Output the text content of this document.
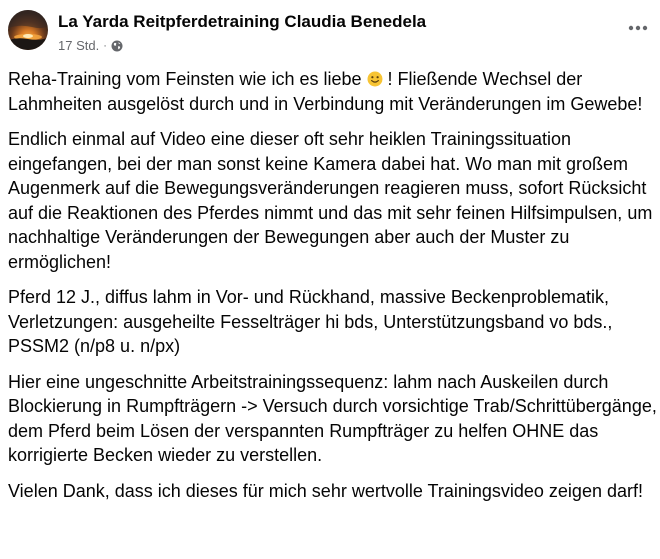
La Yarda Reitpferdetraining Claudia Benedela
17 Std. ·

Reha-Training vom Feinsten wie ich es liebe  ! Fließende Wechsel der Lahmheiten ausgelöst durch und in Verbindung mit Veränderungen im Gewebe!

Endlich einmal auf Video eine dieser oft sehr heiklen Trainingssituation eingefangen, bei der man sonst keine Kamera dabei hat. Wo man mit großem Augenmerk auf die Bewegungsveränderungen reagieren muss, sofort Rücksicht auf die Reaktionen des Pferdes nimmt und das mit sehr feinen Hilfsimpulsen, um nachhaltige Veränderungen der Bewegungen aber auch der Muster zu ermöglichen!

Pferd 12 J., diffus lahm in Vor- und Rückhand, massive Beckenproblematik, Verletzungen: ausgeheilte Fesselträger hi bds, Unterstützungsband vo bds., PSSM2 (n/p8 u. n/px)

Hier eine ungeschnitte Arbeitstrainingssequenz: lahm nach Auskeilen durch Blockierung in Rumpfträgern -> Versuch durch vorsichtige Trab/Schrittübergänge, dem Pferd beim Lösen der verspannten Rumpfträger zu helfen OHNE das korrigierte Becken wieder zu verstellen.

Vielen Dank, dass ich dieses für mich sehr wertvolle Trainingsvideo zeigen darf!
